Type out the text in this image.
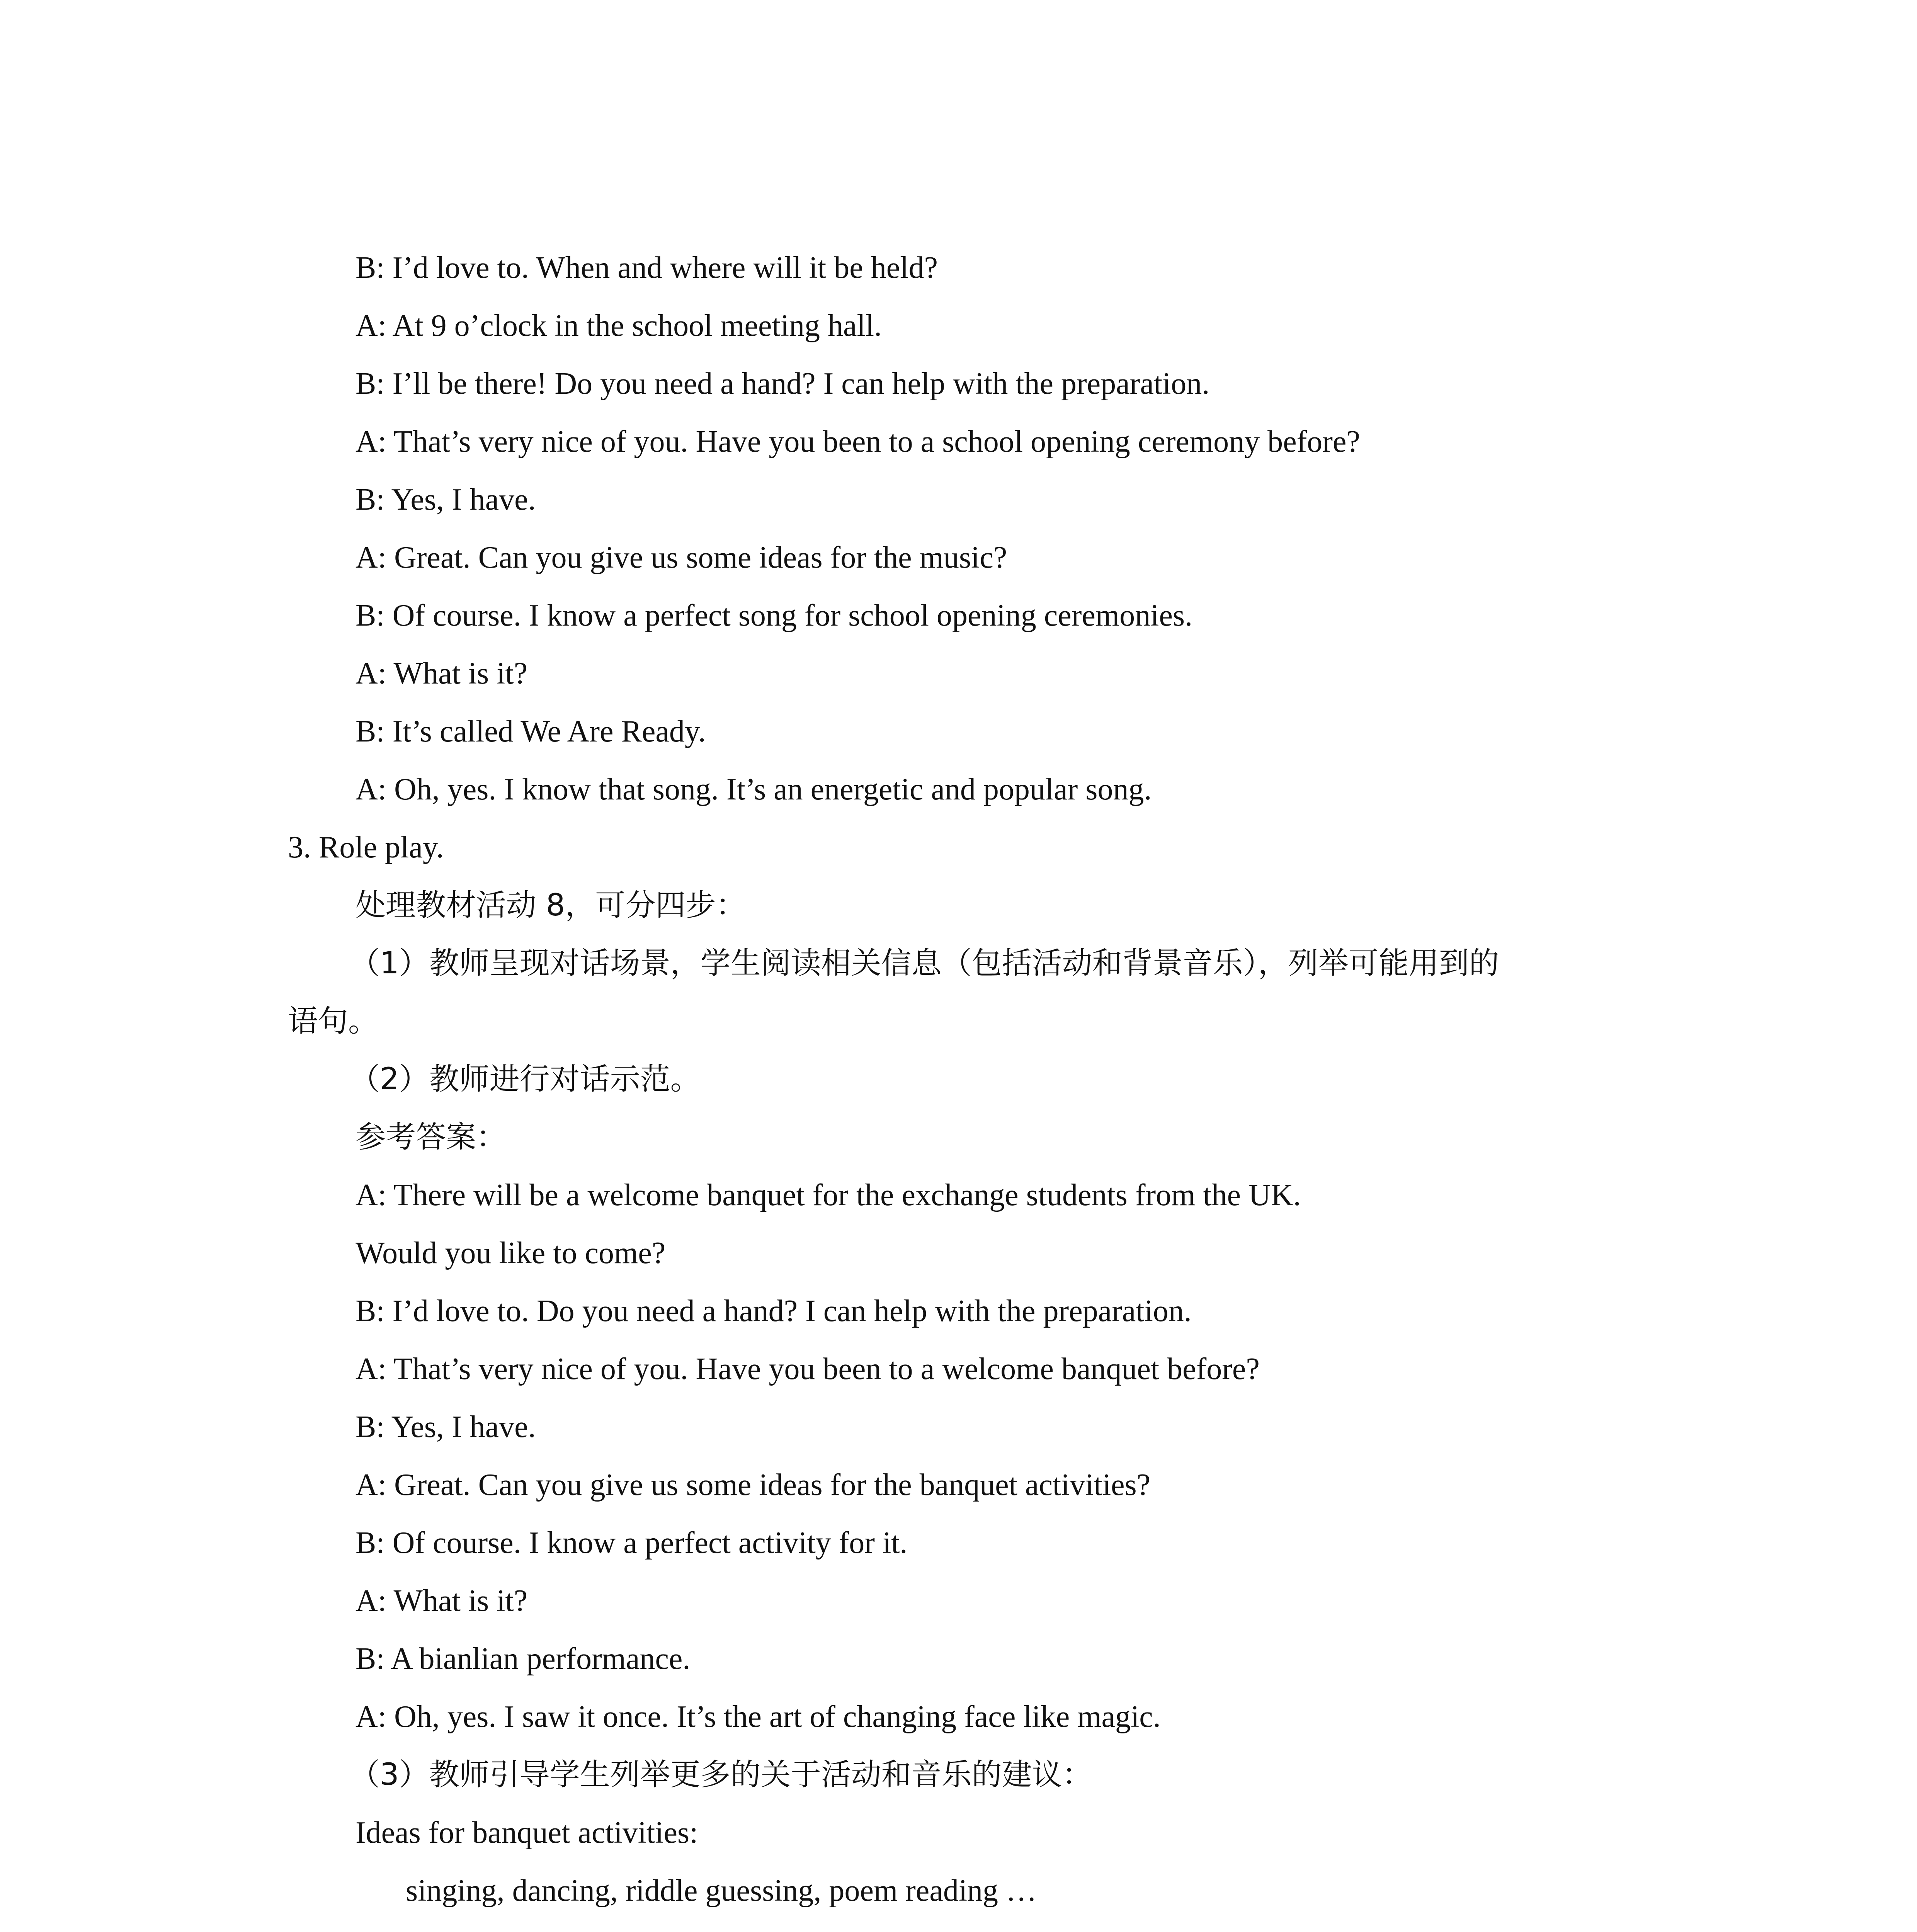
B: I’d love to. When and where will it be held?

A: At 9 o’clock in the school meeting hall.

B: I’ll be there! Do you need a hand? I can help with the preparation.

A: That’s very nice of you. Have you been to a school opening ceremony before?

B: Yes, I have.

A: Great. Can you give us some ideas for the music?

B: Of course. I know a perfect song for school opening ceremonies.

A: What is it?

B: It’s called We Are Ready.

A: Oh, yes. I know that song. It’s an energetic and popular song.

3. Role play.

处理教材活动 8，可分四步：

（1）教师呈现对话场景，学生阅读相关信息（包括活动和背景音乐），列举可能用到的

语句。

（2）教师进行对话示范。

参考答案：

A: There will be a welcome banquet for the exchange students from the UK.

Would you like to come?

B: I’d love to. Do you need a hand? I can help with the preparation.

A: That’s very nice of you. Have you been to a welcome banquet before?

B: Yes, I have.

A: Great. Can you give us some ideas for the banquet activities?

B: Of course. I know a perfect activity for it.

A: What is it?

B: A bianlian performance.

A: Oh, yes. I saw it once. It’s the art of changing face like magic.

（3）教师引导学生列举更多的关于活动和音乐的建议：

Ideas for banquet activities:

singing, dancing, riddle guessing, poem reading …
